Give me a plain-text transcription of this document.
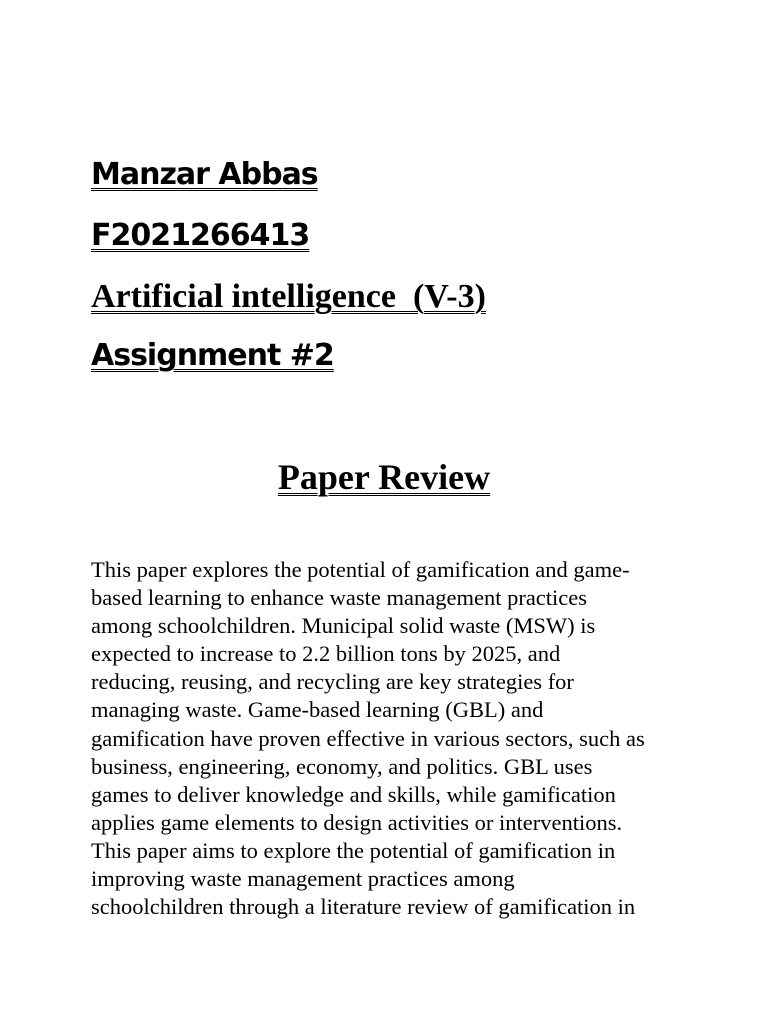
Manzar Abbas

F2021266413

Artificial intelligence  (V-3)

Assignment #2

Paper Review
This paper explores the potential of gamification and game-
based learning to enhance waste management practices
among schoolchildren. Municipal solid waste (MSW) is
expected to increase to 2.2 billion tons by 2025, and
reducing, reusing, and recycling are key strategies for
managing waste. Game-based learning (GBL) and
gamification have proven effective in various sectors, such as
business, engineering, economy, and politics. GBL uses
games to deliver knowledge and skills, while gamification
applies game elements to design activities or interventions.
This paper aims to explore the potential of gamification in
improving waste management practices among
schoolchildren through a literature review of gamification in
